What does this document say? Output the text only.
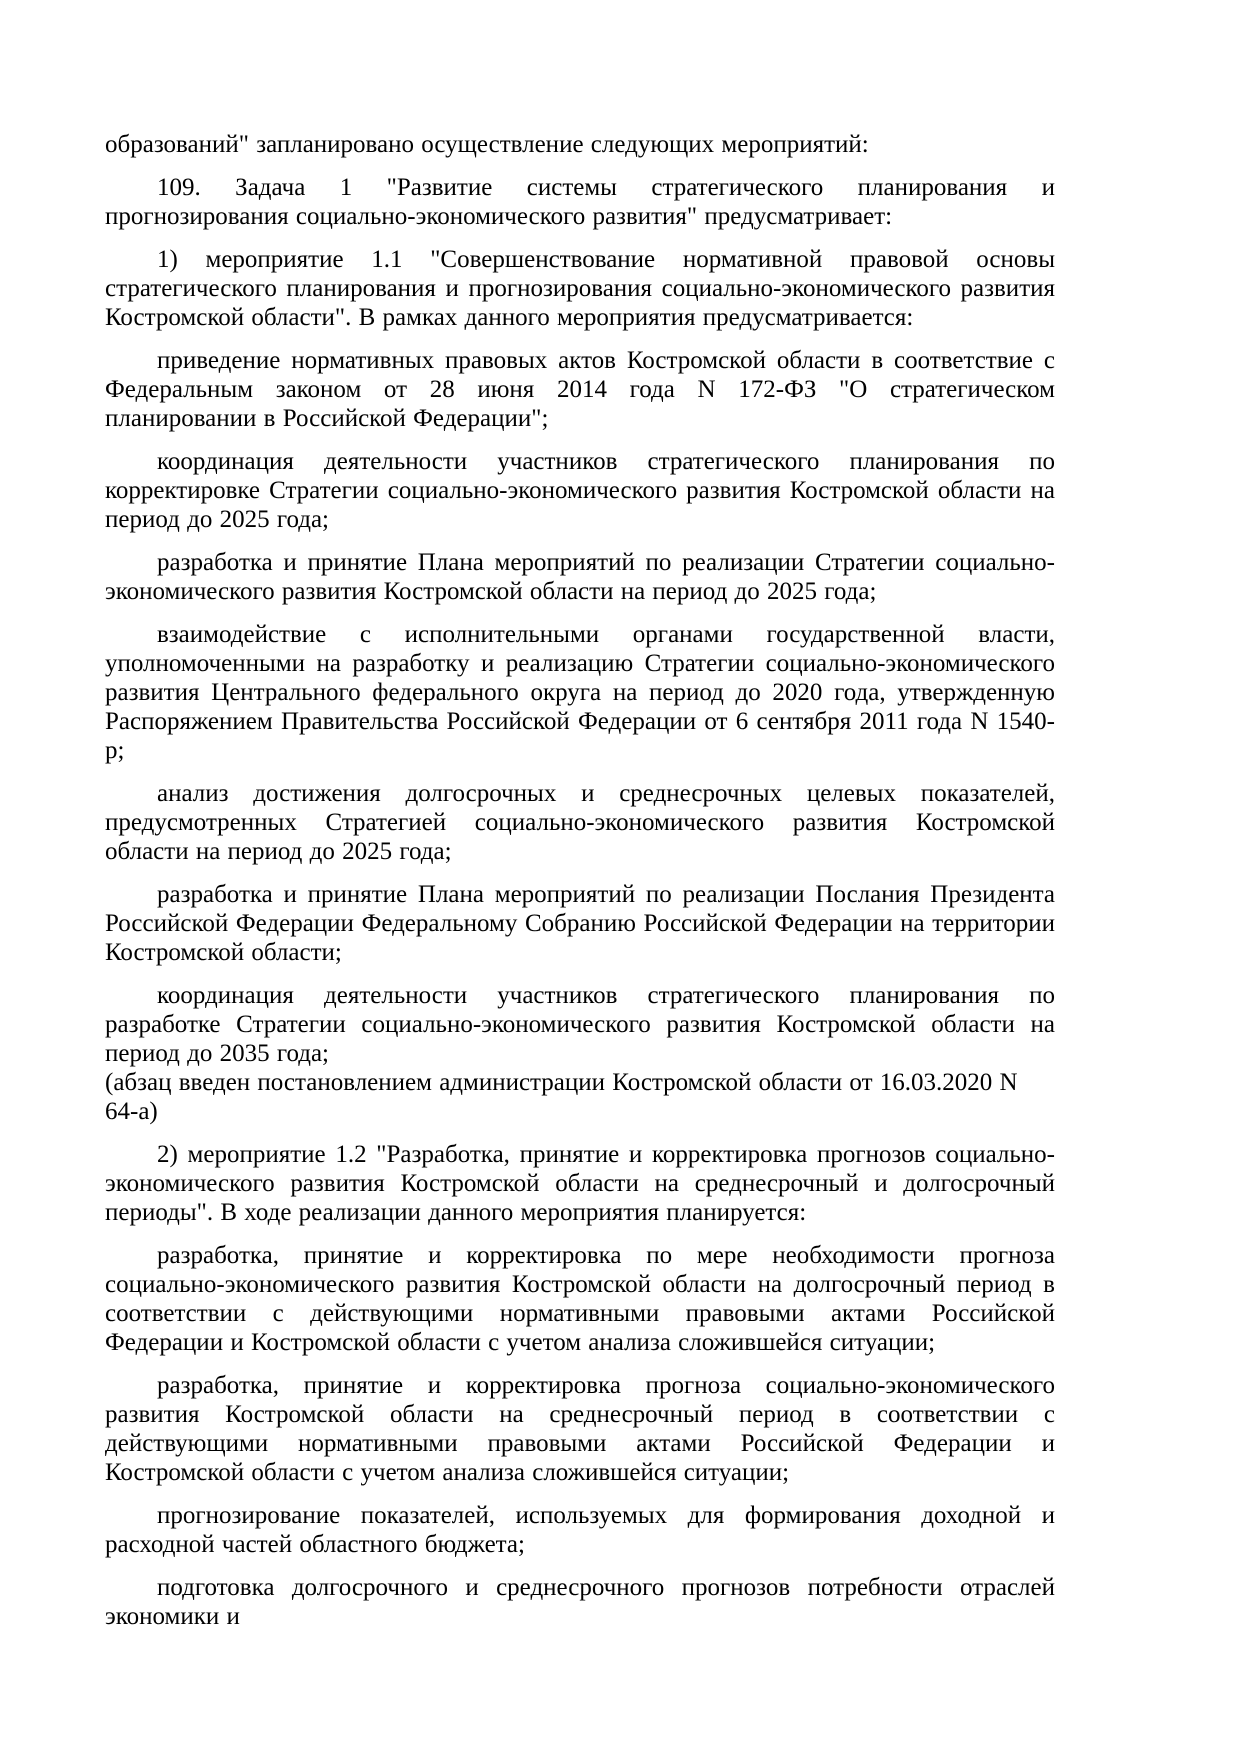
образований" запланировано осуществление следующих мероприятий:

109. Задача 1 "Развитие системы стратегического планирования и прогнозирования социально-экономического развития" предусматривает:

1) мероприятие 1.1 "Совершенствование нормативной правовой основы стратегического планирования и прогнозирования социально-экономического развития Костромской области". В рамках данного мероприятия предусматривается:

приведение нормативных правовых актов Костромской области в соответствие с Федеральным законом от 28 июня 2014 года N 172-ФЗ "О стратегическом планировании в Российской Федерации";

координация деятельности участников стратегического планирования по корректировке Стратегии социально-экономического развития Костромской области на период до 2025 года;

разработка и принятие Плана мероприятий по реализации Стратегии социально-экономического развития Костромской области на период до 2025 года;

взаимодействие с исполнительными органами государственной власти, уполномоченными на разработку и реализацию Стратегии социально-экономического развития Центрального федерального округа на период до 2020 года, утвержденную Распоряжением Правительства Российской Федерации от 6 сентября 2011 года N 1540-р;

анализ достижения долгосрочных и среднесрочных целевых показателей, предусмотренных Стратегией социально-экономического развития Костромской области на период до 2025 года;

разработка и принятие Плана мероприятий по реализации Послания Президента Российской Федерации Федеральному Собранию Российской Федерации на территории Костромской области;

координация деятельности участников стратегического планирования по разработке Стратегии социально-экономического развития Костромской области на период до 2035 года;

(абзац введен постановлением администрации Костромской области от 16.03.2020 N 64-а)

2) мероприятие 1.2 "Разработка, принятие и корректировка прогнозов социально-экономического развития Костромской области на среднесрочный и долгосрочный периоды". В ходе реализации данного мероприятия планируется:

разработка, принятие и корректировка по мере необходимости прогноза социально-экономического развития Костромской области на долгосрочный период в соответствии с действующими нормативными правовыми актами Российской Федерации и Костромской области с учетом анализа сложившейся ситуации;

разработка, принятие и корректировка прогноза социально-экономического развития Костромской области на среднесрочный период в соответствии с действующими нормативными правовыми актами Российской Федерации и Костромской области с учетом анализа сложившейся ситуации;

прогнозирование показателей, используемых для формирования доходной и расходной частей областного бюджета;

подготовка долгосрочного и среднесрочного прогнозов потребности отраслей экономики и
